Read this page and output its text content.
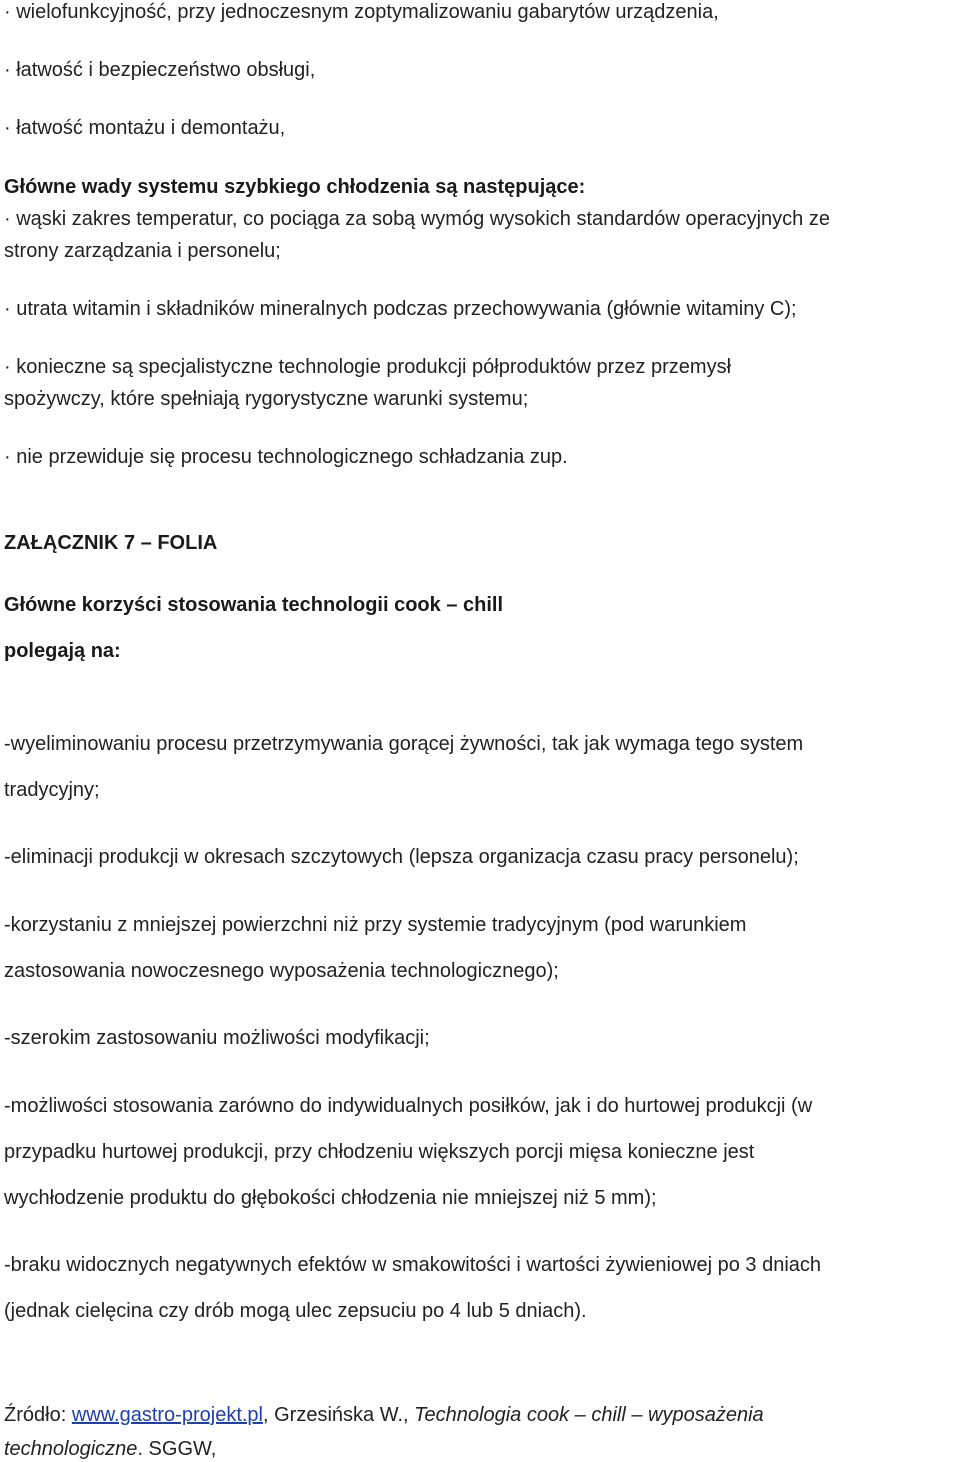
· wielofunkcyjność, przy jednoczesnym zoptymalizowaniu gabarytów urządzenia,
· łatwość i bezpieczeństwo obsługi,
· łatwość montażu i demontażu,
Główne wady systemu szybkiego chłodzenia są następujące:
· wąski zakres temperatur, co pociąga za sobą wymóg wysokich standardów operacyjnych ze
strony zarządzania i personelu;
· utrata witamin i składników mineralnych podczas przechowywania (głównie witaminy C);
· konieczne są specjalistyczne technologie produkcji półproduktów przez przemysł
spożywczy, które spełniają rygorystyczne warunki systemu;
· nie przewiduje się procesu technologicznego schładzania zup.
ZAŁĄCZNIK 7 – FOLIA
Główne korzyści stosowania technologii cook – chill
polegają na:
-wyeliminowaniu procesu przetrzymywania gorącej żywności, tak jak wymaga tego system
tradycyjny;
-eliminacji produkcji w okresach szczytowych (lepsza organizacja czasu pracy personelu);
-korzystaniu z mniejszej powierzchni niż przy systemie tradycyjnym (pod warunkiem
zastosowania nowoczesnego wyposażenia technologicznego);
-szerokim zastosowaniu możliwości modyfikacji;
-możliwości stosowania zarówno do indywidualnych posiłków, jak i do hurtowej produkcji (w
przypadku hurtowej produkcji, przy chłodzeniu większych porcji mięsa konieczne jest
wychłodzenie produktu do głębokości chłodzenia nie mniejszej niż 5 mm);
-braku widocznych negatywnych efektów w smakowitości i wartości żywieniowej po 3 dniach
(jednak cielęcina czy drób mogą ulec zepsuciu po 4 lub 5 dniach).
Źródło: www.gastro-projekt.pl, Grzesińska W., Technologia cook – chill – wyposażenia
technologiczne. SGGW,
